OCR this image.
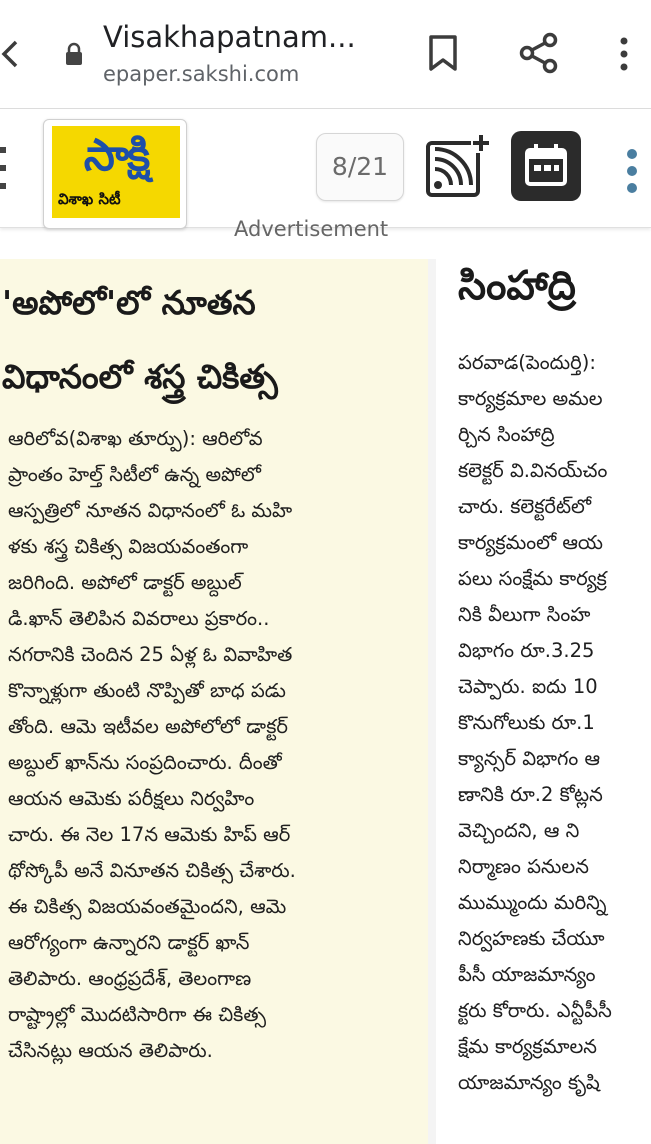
Visakhapatnam...
epaper.sakshi.com
సాక్షి
విశాఖ సిటీ
8/21
Advertisement
'అపోలో'లో నూతన
విధానంలో శస్త్ర చికిత్స
ఆరిలోవ(విశాఖ తూర్పు): ఆరిలోవ
ప్రాంతం హెల్త్ సిటీలో ఉన్న అపోలో
ఆస్పత్రిలో నూతన విధానంలో ఓ మహి
ళకు శస్త్ర చికిత్స విజయవంతంగా
జరిగింది. అపోలో డాక్టర్ అబ్దుల్
డి.ఖాన్ తెలిపిన వివరాలు ప్రకారం..
నగరానికి చెందిన 25 ఏళ్ల ఓ వివాహిత
కొన్నాళ్లుగా తుంటి నొప్పితో బాధ పడు
తోంది. ఆమె ఇటీవల అపోలోలో డాక్టర్
అబ్దుల్ ఖాన్‌ను సంప్రదించారు. దీంతో
ఆయన ఆమెకు పరీక్షలు నిర్వహిం
చారు. ఈ నెల 17న ఆమెకు హిప్ ఆర్
థోస్కోపీ అనే వినూతన చికిత్స చేశారు.
ఈ చికిత్స విజయవంతమైందని, ఆమె
ఆరోగ్యంగా ఉన్నారని డాక్టర్ ఖాన్
తెలిపారు. ఆంధ్రప్రదేశ్, తెలంగాణ
రాష్ట్రాల్లో మొదటిసారిగా ఈ చికిత్స
చేసినట్లు ఆయన తెలిపారు.
సింహాద్రి
పరవాడ(పెందుర్తి):
కార్యక్రమాల అమల
ర్చిన సింహాద్రి
కలెక్టర్ వి.వినయ్‌చం
చారు. కలెక్టరేట్‌లో
కార్యక్రమంలో ఆయ
పలు సంక్షేమ కార్యక్ర
నికి వీలుగా సింహ
విభాగం రూ.3.25
చెప్పారు. ఐదు 10
కొనుగోలుకు రూ.1
క్యాన్సర్ విభాగం ఆ
ణానికి రూ.2 కోట్లన
వెచ్చిందని, ఆ ని
నిర్మాణం పనులన
ముమ్ముందు మరిన్ని
నిర్వహణకు చేయూ
పీసీ యాజమాన్యం
క్టరు కోరారు. ఎన్టీపీసీ
క్షేమ కార్యక్రమాలన
యాజమాన్యం కృషి
